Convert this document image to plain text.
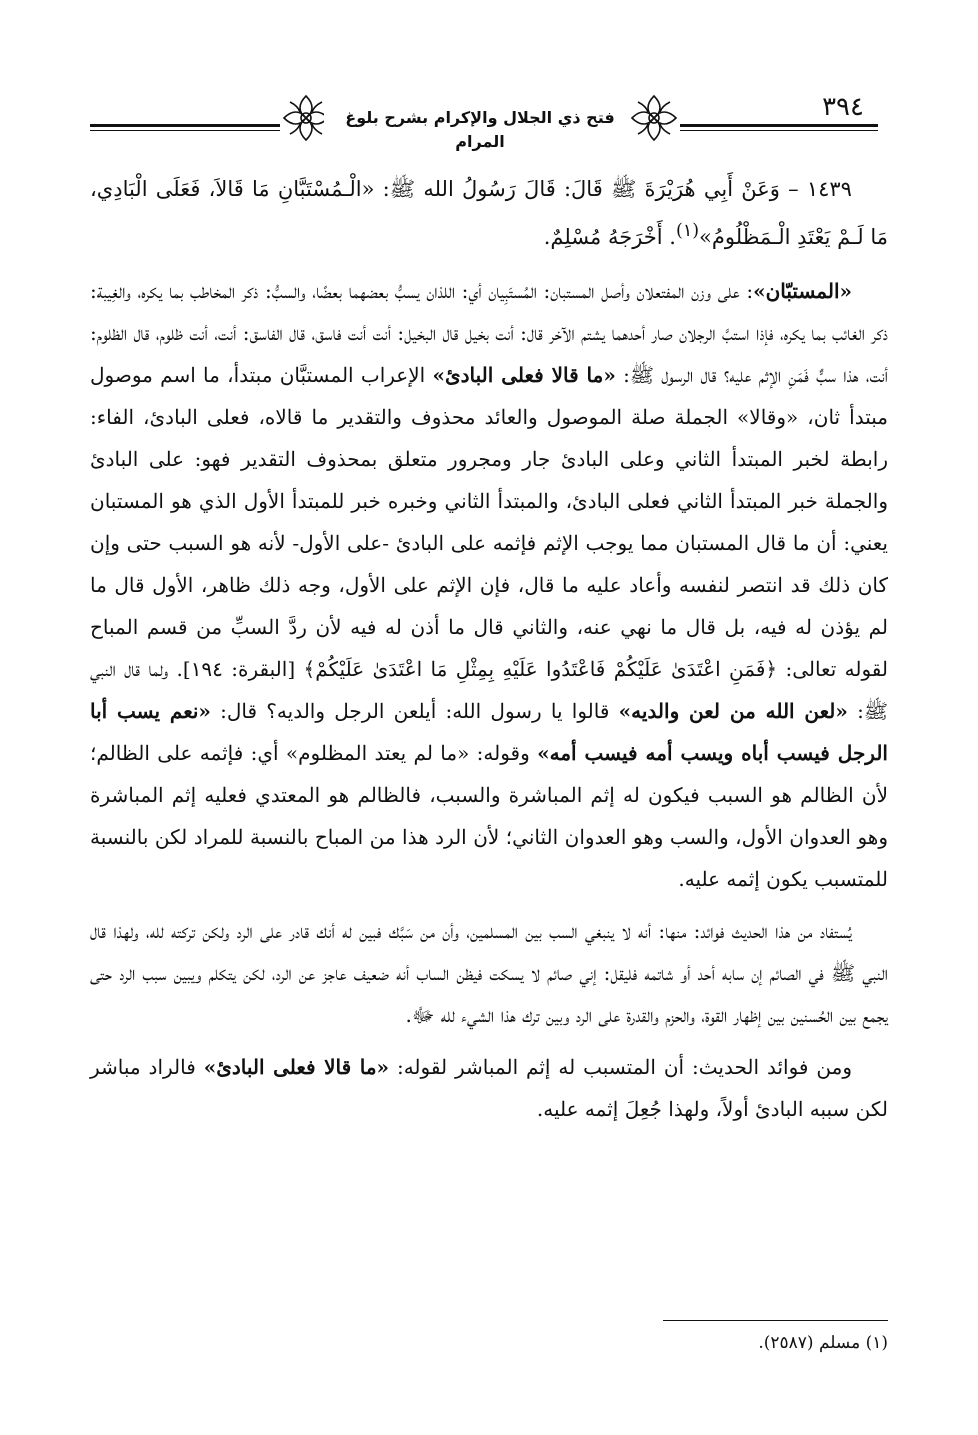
٣٩٤
فتح ذي الجلال والإكرام بشرح بلوغ المرام

١٤٣٩ – وَعَنْ أَبِي هُرَيْرَةَ ﷺ قَالَ: قَالَ رَسُولُ الله ﷺ: «الْـمُسْتَبَّانِ مَا قَالاَ، فَعَلَى الْبَادِي، مَا لَـمْ يَعْتَدِ الْـمَظْلُومُ»$^{(١)}$. أَخْرَجَهُ مُسْلِمٌ.

«المستبّان»: على وزن المفتعلان وأصل المستبان: المُستَبِيان أي: اللذان يسبُّ بعضهما بعضًا، والسبُّ: ذكر المخاطب بما يكره، والغِيبة: ذكر الغائب بما يكره، فإذا استبَّ الرجلان صار أحدهما يشتم الآخر قال: أنت بخيل قال البخيل: أنت أنت فاسق، قال الفاسق: أنت، أنت ظلوم، قال الظلوم: أنت، هذا سبٌّ فَمَنِ الإثم عليه؟ قال الرسول ﷺ: «ما قالا فعلى البادئ» الإعراب المستبَّان مبتدأ، ما اسم موصول مبتدأ ثان، «وقالا» الجملة صلة الموصول والعائد محذوف والتقدير ما قالاه، فعلى البادئ، الفاء: رابطة لخبر المبتدأ الثاني وعلى البادئ جار ومجرور متعلق بمحذوف التقدير فهو: على البادئ والجملة خبر المبتدأ الثاني فعلى البادئ، والمبتدأ الثاني وخبره خبر للمبتدأ الأول الذي هو المستبان يعني: أن ما قال المستبان مما يوجب الإثم فإثمه على البادئ -على الأول- لأنه هو السبب حتى وإن كان ذلك قد انتصر لنفسه وأعاد عليه ما قال، فإن الإثم على الأول، وجه ذلك ظاهر، الأول قال ما لم يؤذن له فيه، بل قال ما نهي عنه، والثاني قال ما أذن له فيه لأن ردَّ السبِّ من قسم المباح لقوله تعالى: ﴿فَمَنِ اعْتَدَىٰ عَلَيْكُمْ فَاعْتَدُوا عَلَيْهِ بِمِثْلِ مَا اعْتَدَىٰ عَلَيْكُمْ﴾ [البقرة: ١٩٤]. ولما قال النبي ﷺ: «لعن الله من لعن والديه» قالوا يا رسول الله: أيلعن الرجل والديه؟ قال: «نعم يسب أبا الرجل فيسب أباه ويسب أمه فيسب أمه» وقوله: «ما لم يعتد المظلوم» أي: فإثمه على الظالم؛ لأن الظالم هو السبب فيكون له إثم المباشرة والسبب، فالظالم هو المعتدي فعليه إثم المباشرة وهو العدوان الأول، والسب وهو العدوان الثاني؛ لأن الرد هذا من المباح بالنسبة للمراد لكن بالنسبة للمتسبب يكون إثمه عليه.

يُستفاد من هذا الحديث فوائد: منها: أنه لا ينبغي السب بين المسلمين، وأن من سَبَّك فبين له أنك قادر على الرد ولكن تركته لله، ولهذا قال النبي ﷺ في الصائم إن سابه أحد أو شاتمه فليقل: إني صائم لا يسكت فيظن الساب أنه ضعيف عاجز عن الرد، لكن يتكلم ويبين سبب الرد حتى يجمع بين الحُسنين بين إظهار القوة، والحزم والقدرة على الرد وبين ترك هذا الشيء لله ﷻ.

ومن فوائد الحديث: أن المتسبب له إثم المباشر لقوله: «ما قالا فعلى البادئ» فالراد مباشر لكن سببه البادئ أولاً، ولهذا جُعِلَ إثمه عليه.

(١) مسلم (٢٥٨٧).
